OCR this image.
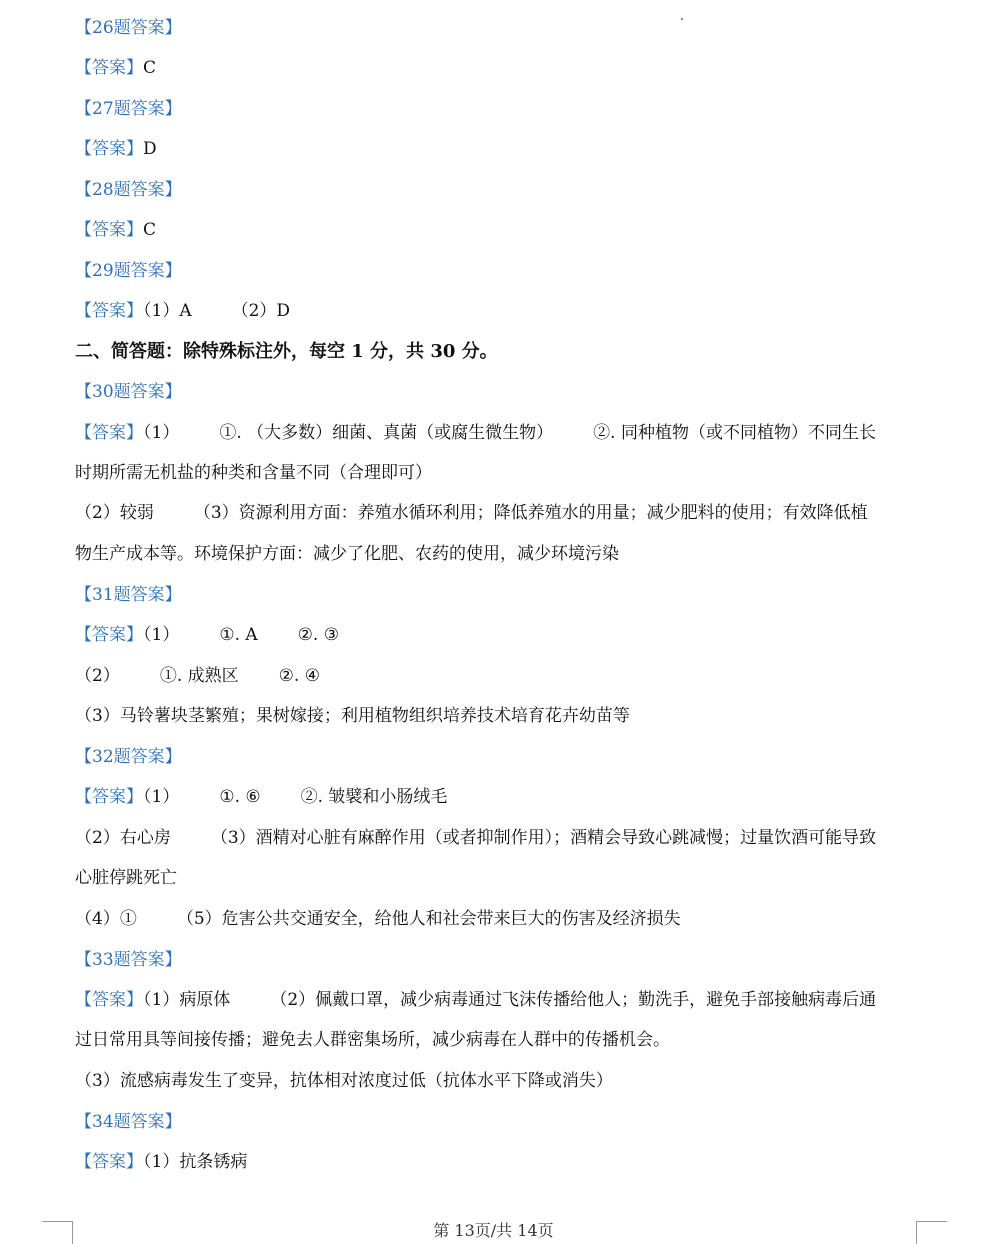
【26题答案】
【答案】C
【27题答案】
【答案】D
【28题答案】
【答案】C
【29题答案】
【答案】（1）A （2）D
二、简答题：除特殊标注外，每空 1 分，共 30 分。
【30题答案】
【答案】（1） ①. （大多数）细菌、真菌（或腐生微生物） ②. 同种植物（或不同植物）不同生长
时期所需无机盐的种类和含量不同（合理即可）
（2）较弱 （3）资源利用方面：养殖水循环利用；降低养殖水的用量；减少肥料的使用；有效降低植
物生产成本等。环境保护方面：减少了化肥、农药的使用，减少环境污染
【31题答案】
【答案】（1） ①. A ②. ③
（2） ①. 成熟区 ②. ④
（3）马铃薯块茎繁殖；果树嫁接；利用植物组织培养技术培育花卉幼苗等
【32题答案】
【答案】（1） ①. ⑥ ②. 皱襞和小肠绒毛
（2）右心房 （3）酒精对心脏有麻醉作用（或者抑制作用）；酒精会导致心跳减慢；过量饮酒可能导致
心脏停跳死亡
（4）① （5）危害公共交通安全，给他人和社会带来巨大的伤害及经济损失
【33题答案】
【答案】（1）病原体 （2）佩戴口罩，减少病毒通过飞沫传播给他人；勤洗手，避免手部接触病毒后通
过日常用具等间接传播；避免去人群密集场所，减少病毒在人群中的传播机会。
（3）流感病毒发生了变异，抗体相对浓度过低（抗体水平下降或消失）
【34题答案】
【答案】（1）抗条锈病
第 13页/共 14页
